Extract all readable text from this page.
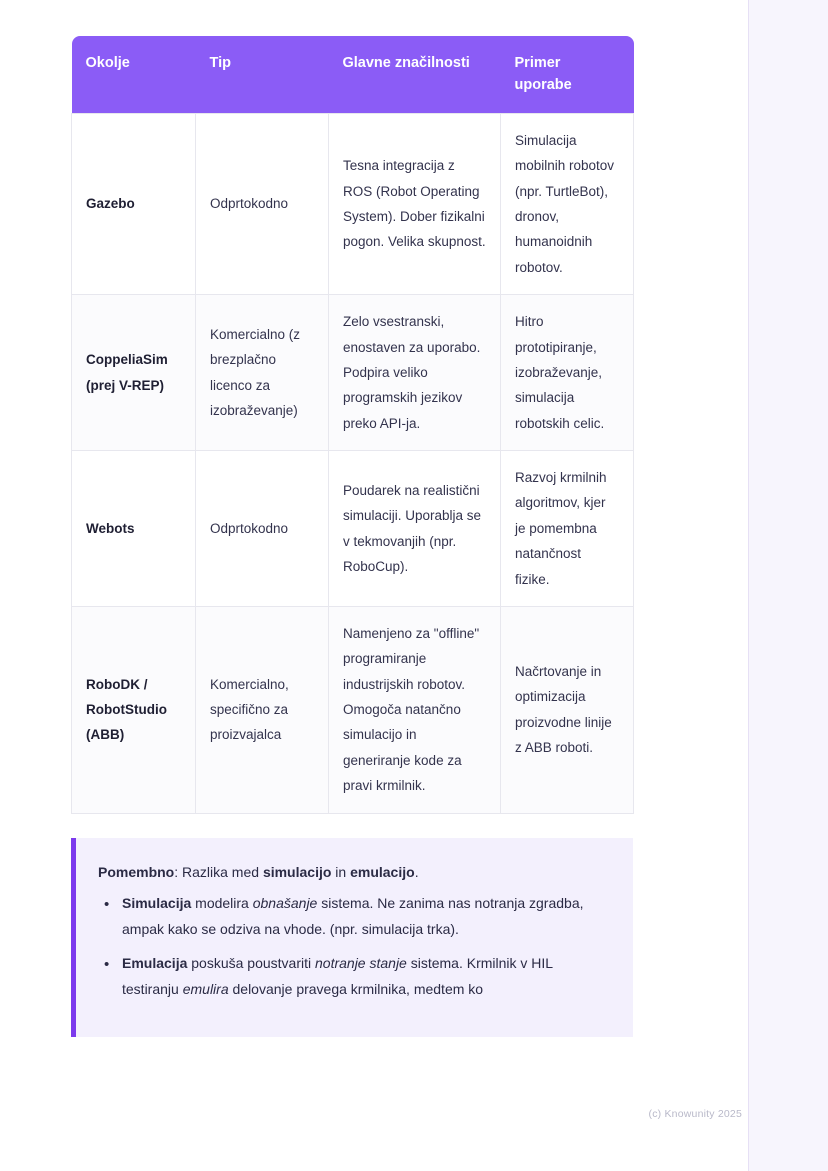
Okolje	Tip	Glavne značilnosti	Primer uporabe
Gazebo	Odprtokodno	Tesna integracija z ROS (Robot Operating System). Dober fizikalni pogon. Velika skupnost.	Simulacija mobilnih robotov (npr. TurtleBot), dronov, humanoidnih robotov.
CoppeliaSim (prej V-REP)	Komercialno (z brezplačno licenco za izobraževanje)	Zelo vsestranski, enostaven za uporabo. Podpira veliko programskih jezikov preko API-ja.	Hitro prototipiranje, izobraževanje, simulacija robotskih celic.
Webots	Odprtokodno	Poudarek na realistični simulaciji. Uporablja se v tekmovanjih (npr. RoboCup).	Razvoj krmilnih algoritmov, kjer je pomembna natančnost fizike.
RoboDK / RobotStudio (ABB)	Komercialno, specifično za proizvajalca	Namenjeno za "offline" programiranje industrijskih robotov. Omogoča natančno simulacijo in generiranje kode za pravi krmilnik.	Načrtovanje in optimizacija proizvodne linije z ABB roboti.

Pomembno: Razlika med simulacijo in emulacijo.

• Simulacija modelira obnašanje sistema. Ne zanima nas notranja zgradba, ampak kako se odziva na vhode. (npr. simulacija trka).
• Emulacija poskuša poustvariti notranje stanje sistema. Krmilnik v HIL testiranju emulira delovanje pravega krmilnika, medtem ko
(c) Knowunity 2025
